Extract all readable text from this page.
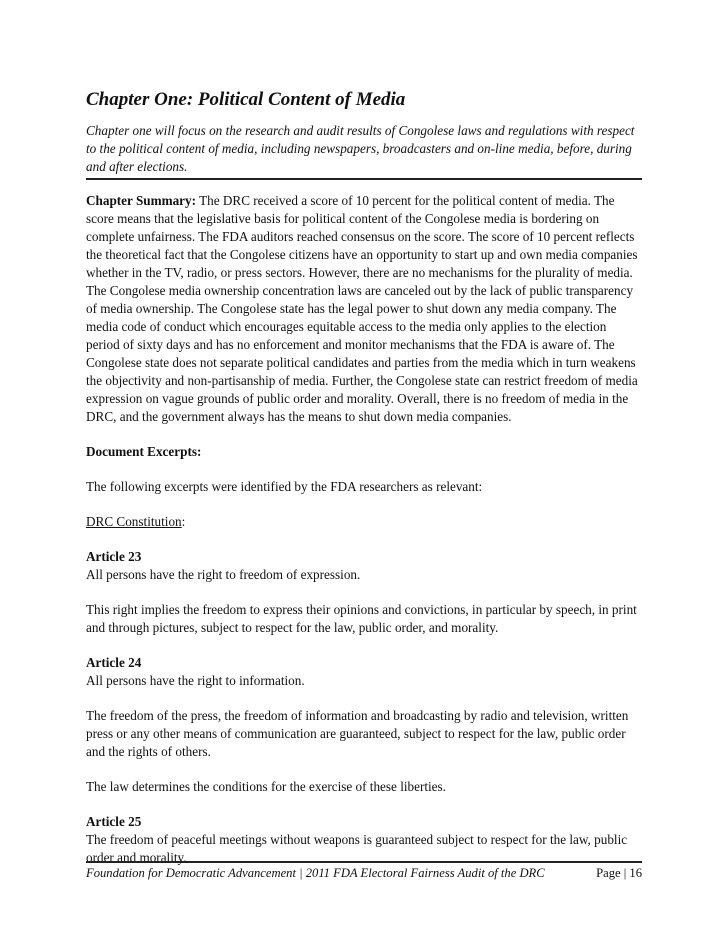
Chapter One: Political Content of Media
Chapter one will focus on the research and audit results of Congolese laws and regulations with respect to the political content of media, including newspapers, broadcasters and on-line media, before, during and after elections.

Chapter Summary: The DRC received a score of 10 percent for the political content of media. The score means that the legislative basis for political content of the Congolese media is bordering on complete unfairness. The FDA auditors reached consensus on the score. The score of 10 percent reflects the theoretical fact that the Congolese citizens have an opportunity to start up and own media companies whether in the TV, radio, or press sectors. However, there are no mechanisms for the plurality of media. The Congolese media ownership concentration laws are canceled out by the lack of public transparency of media ownership. The Congolese state has the legal power to shut down any media company. The media code of conduct which encourages equitable access to the media only applies to the election period of sixty days and has no enforcement and monitor mechanisms that the FDA is aware of. The Congolese state does not separate political candidates and parties from the media which in turn weakens the objectivity and non-partisanship of media. Further, the Congolese state can restrict freedom of media expression on vague grounds of public order and morality. Overall, there is no freedom of media in the DRC, and the government always has the means to shut down media companies.

Document Excerpts:

The following excerpts were identified by the FDA researchers as relevant:

DRC Constitution:

Article 23

All persons have the right to freedom of expression.

This right implies the freedom to express their opinions and convictions, in particular by speech, in print and through pictures, subject to respect for the law, public order, and morality.

Article 24

All persons have the right to information.

The freedom of the press, the freedom of information and broadcasting by radio and television, written press or any other means of communication are guaranteed, subject to respect for the law, public order and the rights of others.

The law determines the conditions for the exercise of these liberties.

Article 25

The freedom of peaceful meetings without weapons is guaranteed subject to respect for the law, public order and morality.

Foundation for Democratic Advancement | 2011 FDA Electoral Fairness Audit of the DRC	Page | 16
